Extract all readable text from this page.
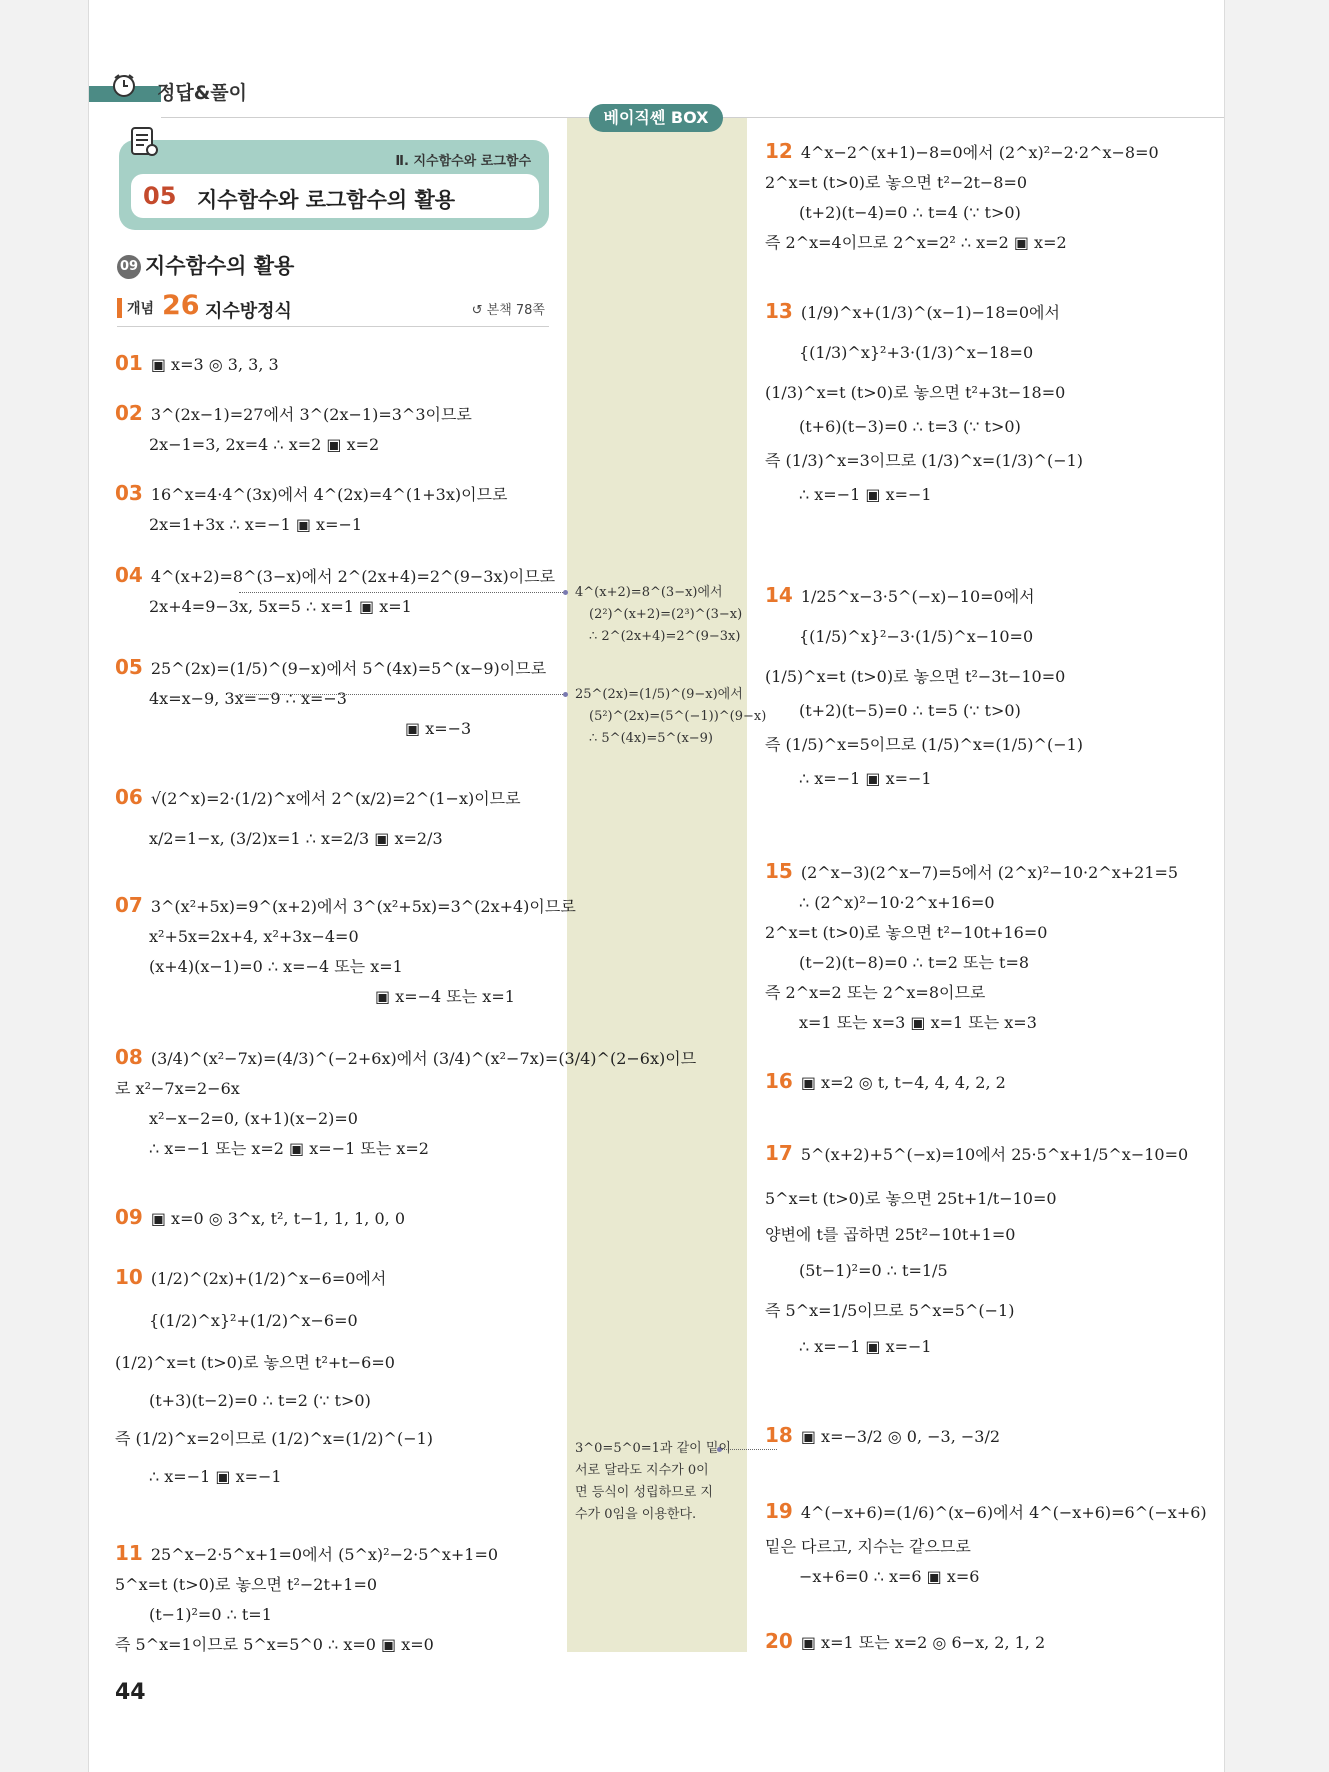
정답&풀이
베이직쎈 BOX
Ⅱ. 지수함수와 로그함수
05 지수함수와 로그함수의 활용
09 지수함수의 활용
개념 26 지수방정식	↺ 본책 78쪽
01 ▣ x=3 ◎ 3, 3, 3
02 3^(2x−1)=27에서 3^(2x−1)=3^3이므로
2x−1=3, 2x=4 ∴ x=2 ▣ x=2
03 16^x=4·4^(3x)에서 4^(2x)=4^(1+3x)이므로
2x=1+3x ∴ x=−1 ▣ x=−1
04 4^(x+2)=8^(3−x)에서 2^(2x+4)=2^(9−3x)이므로
2x+4=9−3x, 5x=5 ∴ x=1 ▣ x=1
05 25^(2x)=(1/5)^(9−x)에서 5^(4x)=5^(x−9)이므로
4x=x−9, 3x=−9 ∴ x=−3
▣ x=−3
06 √(2^x)=2·(1/2)^x에서 2^(x/2)=2^(1−x)이므로
x/2=1−x, (3/2)x=1 ∴ x=2/3 ▣ x=2/3
07 3^(x²+5x)=9^(x+2)에서 3^(x²+5x)=3^(2x+4)이므로
x²+5x=2x+4, x²+3x−4=0
(x+4)(x−1)=0 ∴ x=−4 또는 x=1
▣ x=−4 또는 x=1
08 (3/4)^(x²−7x)=(4/3)^(−2+6x)에서 (3/4)^(x²−7x)=(3/4)^(2−6x)이므
로 x²−7x=2−6x
x²−x−2=0, (x+1)(x−2)=0
∴ x=−1 또는 x=2 ▣ x=−1 또는 x=2
09 ▣ x=0 ◎ 3^x, t², t−1, 1, 1, 0, 0
10 (1/2)^(2x)+(1/2)^x−6=0에서
{(1/2)^x}²+(1/2)^x−6=0
(1/2)^x=t (t>0)로 놓으면 t²+t−6=0
(t+3)(t−2)=0 ∴ t=2 (∵ t>0)
즉 (1/2)^x=2이므로 (1/2)^x=(1/2)^(−1)
∴ x=−1 ▣ x=−1
11 25^x−2·5^x+1=0에서 (5^x)²−2·5^x+1=0
5^x=t (t>0)로 놓으면 t²−2t+1=0
(t−1)²=0 ∴ t=1
즉 5^x=1이므로 5^x=5^0 ∴ x=0 ▣ x=0
4^(x+2)=8^(3−x)에서
(2²)^(x+2)=(2³)^(3−x)
∴ 2^(2x+4)=2^(9−3x)
25^(2x)=(1/5)^(9−x)에서
(5²)^(2x)=(5^(−1))^(9−x)
∴ 5^(4x)=5^(x−9)
3^0=5^0=1과 같이 밑이
서로 달라도 지수가 0이
면 등식이 성립하므로 지
수가 0임을 이용한다.
12 4^x−2^(x+1)−8=0에서 (2^x)²−2·2^x−8=0
2^x=t (t>0)로 놓으면 t²−2t−8=0
(t+2)(t−4)=0 ∴ t=4 (∵ t>0)
즉 2^x=4이므로 2^x=2² ∴ x=2 ▣ x=2
13 (1/9)^x+(1/3)^(x−1)−18=0에서
{(1/3)^x}²+3·(1/3)^x−18=0
(1/3)^x=t (t>0)로 놓으면 t²+3t−18=0
(t+6)(t−3)=0 ∴ t=3 (∵ t>0)
즉 (1/3)^x=3이므로 (1/3)^x=(1/3)^(−1)
∴ x=−1 ▣ x=−1
14 1/25^x−3·5^(−x)−10=0에서
{(1/5)^x}²−3·(1/5)^x−10=0
(1/5)^x=t (t>0)로 놓으면 t²−3t−10=0
(t+2)(t−5)=0 ∴ t=5 (∵ t>0)
즉 (1/5)^x=5이므로 (1/5)^x=(1/5)^(−1)
∴ x=−1 ▣ x=−1
15 (2^x−3)(2^x−7)=5에서 (2^x)²−10·2^x+21=5
∴ (2^x)²−10·2^x+16=0
2^x=t (t>0)로 놓으면 t²−10t+16=0
(t−2)(t−8)=0 ∴ t=2 또는 t=8
즉 2^x=2 또는 2^x=8이므로
x=1 또는 x=3 ▣ x=1 또는 x=3
16 ▣ x=2 ◎ t, t−4, 4, 4, 2, 2
17 5^(x+2)+5^(−x)=10에서 25·5^x+1/5^x−10=0
5^x=t (t>0)로 놓으면 25t+1/t−10=0
양변에 t를 곱하면 25t²−10t+1=0
(5t−1)²=0 ∴ t=1/5
즉 5^x=1/5이므로 5^x=5^(−1)
∴ x=−1 ▣ x=−1
18 ▣ x=−3/2 ◎ 0, −3, −3/2
19 4^(−x+6)=(1/6)^(x−6)에서 4^(−x+6)=6^(−x+6)
밑은 다르고, 지수는 같으므로
−x+6=0 ∴ x=6 ▣ x=6
20 ▣ x=1 또는 x=2 ◎ 6−x, 2, 1, 2
44
